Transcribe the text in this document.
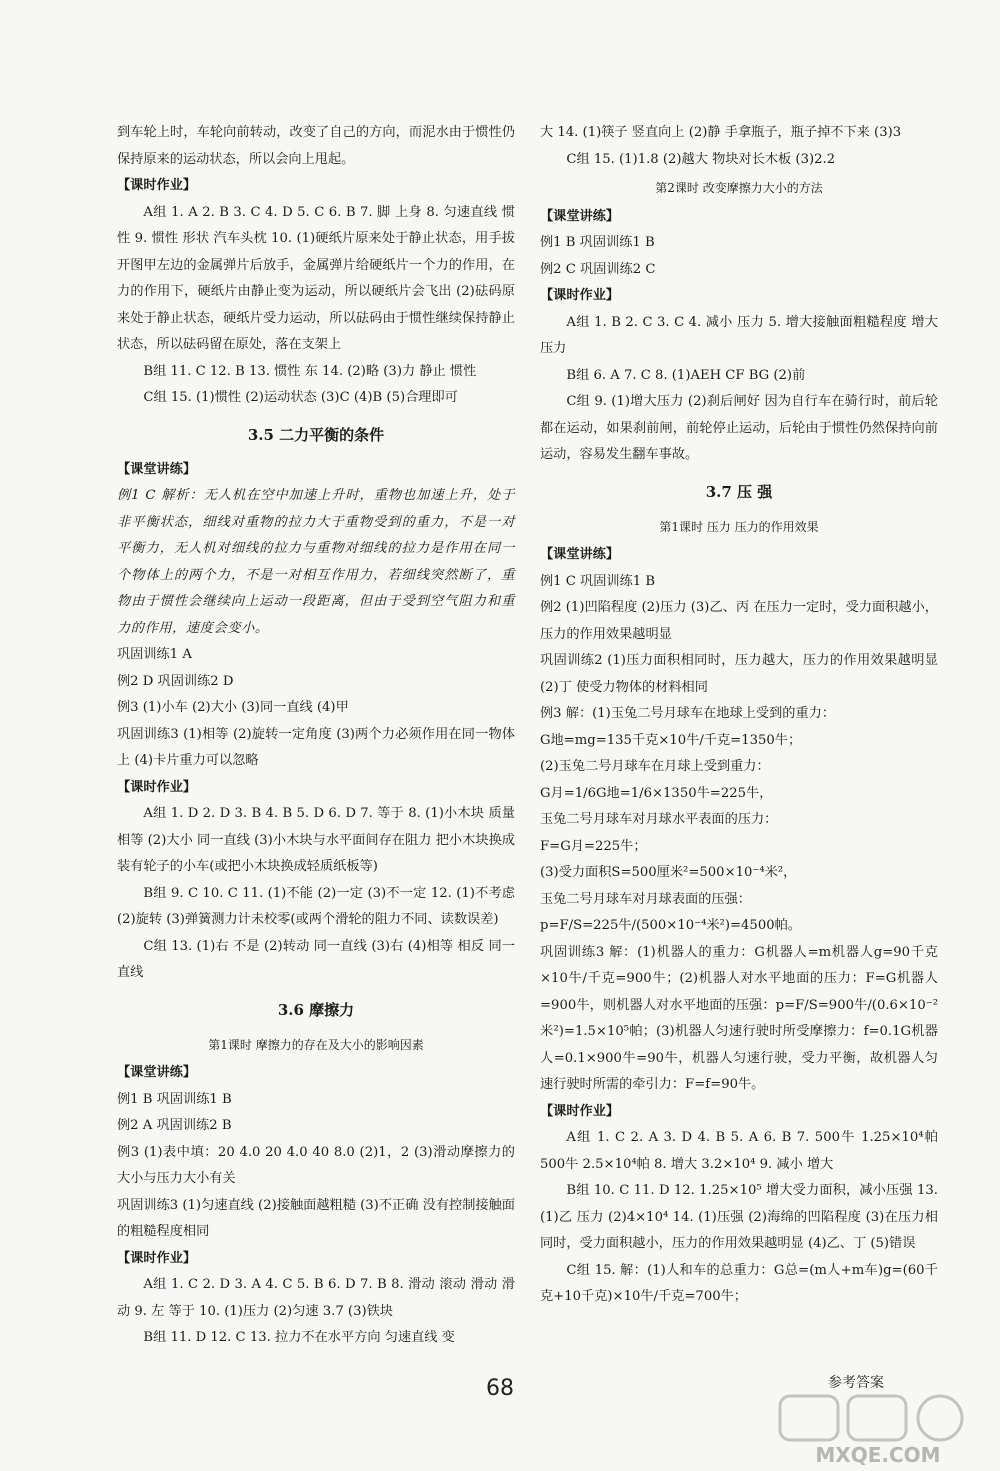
到车轮上时，车轮向前转动，改变了自己的方向，而泥水由于惯性仍保持原来的运动状态，所以会向上甩起。

【课时作业】

A组 1. A 2. B 3. C 4. D 5. C 6. B 7. 脚 上身 8. 匀速直线 惯性 9. 惯性 形状 汽车头枕 10. (1)硬纸片原来处于静止状态，用手拔开图甲左边的金属弹片后放手，金属弹片给硬纸片一个力的作用，在力的作用下，硬纸片由静止变为运动，所以硬纸片会飞出 (2)砝码原来处于静止状态，硬纸片受力运动，所以砝码由于惯性继续保持静止状态，所以砝码留在原处，落在支架上

B组 11. C 12. B 13. 惯性 东 14. (2)略 (3)力 静止 惯性

C组 15. (1)惯性 (2)运动状态 (3)C (4)B (5)合理即可

3.5 二力平衡的条件

【课堂讲练】

例1 C 解析：无人机在空中加速上升时，重物也加速上升，处于非平衡状态，细线对重物的拉力大于重物受到的重力，不是一对平衡力，无人机对细线的拉力与重物对细线的拉力是作用在同一个物体上的两个力，不是一对相互作用力，若细线突然断了，重物由于惯性会继续向上运动一段距离，但由于受到空气阻力和重力的作用，速度会变小。

巩固训练1 A

例2 D 巩固训练2 D

例3 (1)小车 (2)大小 (3)同一直线 (4)甲

巩固训练3 (1)相等 (2)旋转一定角度 (3)两个力必须作用在同一物体上 (4)卡片重力可以忽略

【课时作业】

A组 1. D 2. D 3. B 4. B 5. D 6. D 7. 等于 8. (1)小木块 质量相等 (2)大小 同一直线 (3)小木块与水平面间存在阻力 把小木块换成装有轮子的小车(或把小木块换成轻质纸板等)

B组 9. C 10. C 11. (1)不能 (2)一定 (3)不一定 12. (1)不考虑 (2)旋转 (3)弹簧测力计未校零(或两个滑轮的阻力不同、读数误差)

C组 13. (1)右 不是 (2)转动 同一直线 (3)右 (4)相等 相反 同一直线

3.6 摩擦力
第1课时 摩擦力的存在及大小的影响因素

【课堂讲练】

例1 B 巩固训练1 B

例2 A 巩固训练2 B

例3 (1)表中填：20 4.0 20 4.0 40 8.0 (2)1，2 (3)滑动摩擦力的大小与压力大小有关

巩固训练3 (1)匀速直线 (2)接触面越粗糙 (3)不正确 没有控制接触面的粗糙程度相同

【课时作业】

A组 1. C 2. D 3. A 4. C 5. B 6. D 7. B 8. 滑动 滚动 滑动 滑动 9. 左 等于 10. (1)压力 (2)匀速 3.7 (3)铁块

B组 11. D 12. C 13. 拉力不在水平方向 匀速直线 变

大 14. (1)筷子 竖直向上 (2)静 手拿瓶子，瓶子掉不下来 (3)3

C组 15. (1)1.8 (2)越大 物块对长木板 (3)2.2

第2课时 改变摩擦力大小的方法

【课堂讲练】

例1 B 巩固训练1 B

例2 C 巩固训练2 C

【课时作业】

A组 1. B 2. C 3. C 4. 减小 压力 5. 增大接触面粗糙程度 增大压力

B组 6. A 7. C 8. (1)AEH CF BG (2)前

C组 9. (1)增大压力 (2)刹后闸好 因为自行车在骑行时，前后轮都在运动，如果刹前闸，前轮停止运动，后轮由于惯性仍然保持向前运动，容易发生翻车事故。

3.7 压 强
第1课时 压力 压力的作用效果

【课堂讲练】

例1 C 巩固训练1 B

例2 (1)凹陷程度 (2)压力 (3)乙、丙 在压力一定时，受力面积越小，压力的作用效果越明显

巩固训练2 (1)压力面积相同时，压力越大，压力的作用效果越明显 (2)丁 使受力物体的材料相同

例3 解：(1)玉兔二号月球车在地球上受到的重力：

G地=mg=135千克×10牛/千克=1350牛；

(2)玉兔二号月球车在月球上受到重力：

G月=1/6G地=1/6×1350牛=225牛，

玉兔二号月球车对月球水平表面的压力：

F=G月=225牛；

(3)受力面积S=500厘米²=500×10⁻⁴米²，

玉兔二号月球车对月球表面的压强：

p=F/S=225牛/(500×10⁻⁴米²)=4500帕。

巩固训练3 解：(1)机器人的重力：G机器人=m机器人g=90千克×10牛/千克=900牛；(2)机器人对水平地面的压力：F=G机器人=900牛，则机器人对水平地面的压强：p=F/S=900牛/(0.6×10⁻²米²)=1.5×10⁵帕；(3)机器人匀速行驶时所受摩擦力：f=0.1G机器人=0.1×900牛=90牛，机器人匀速行驶，受力平衡，故机器人匀速行驶时所需的牵引力：F=f=90牛。

【课时作业】

A组 1. C 2. A 3. D 4. B 5. A 6. B 7. 500牛 1.25×10⁴帕 500牛 2.5×10⁴帕 8. 增大 3.2×10⁴ 9. 减小 增大

B组 10. C 11. D 12. 1.25×10⁵ 增大受力面积，减小压强 13. (1)乙 压力 (2)4×10⁴ 14. (1)压强 (2)海绵的凹陷程度 (3)在压力相同时，受力面积越小，压力的作用效果越明显 (4)乙、丁 (5)错误

C组 15. 解：(1)人和车的总重力：G总=(m人+m车)g=(60千克+10千克)×10牛/千克=700牛；

68	参考答案
MXQE.COM
